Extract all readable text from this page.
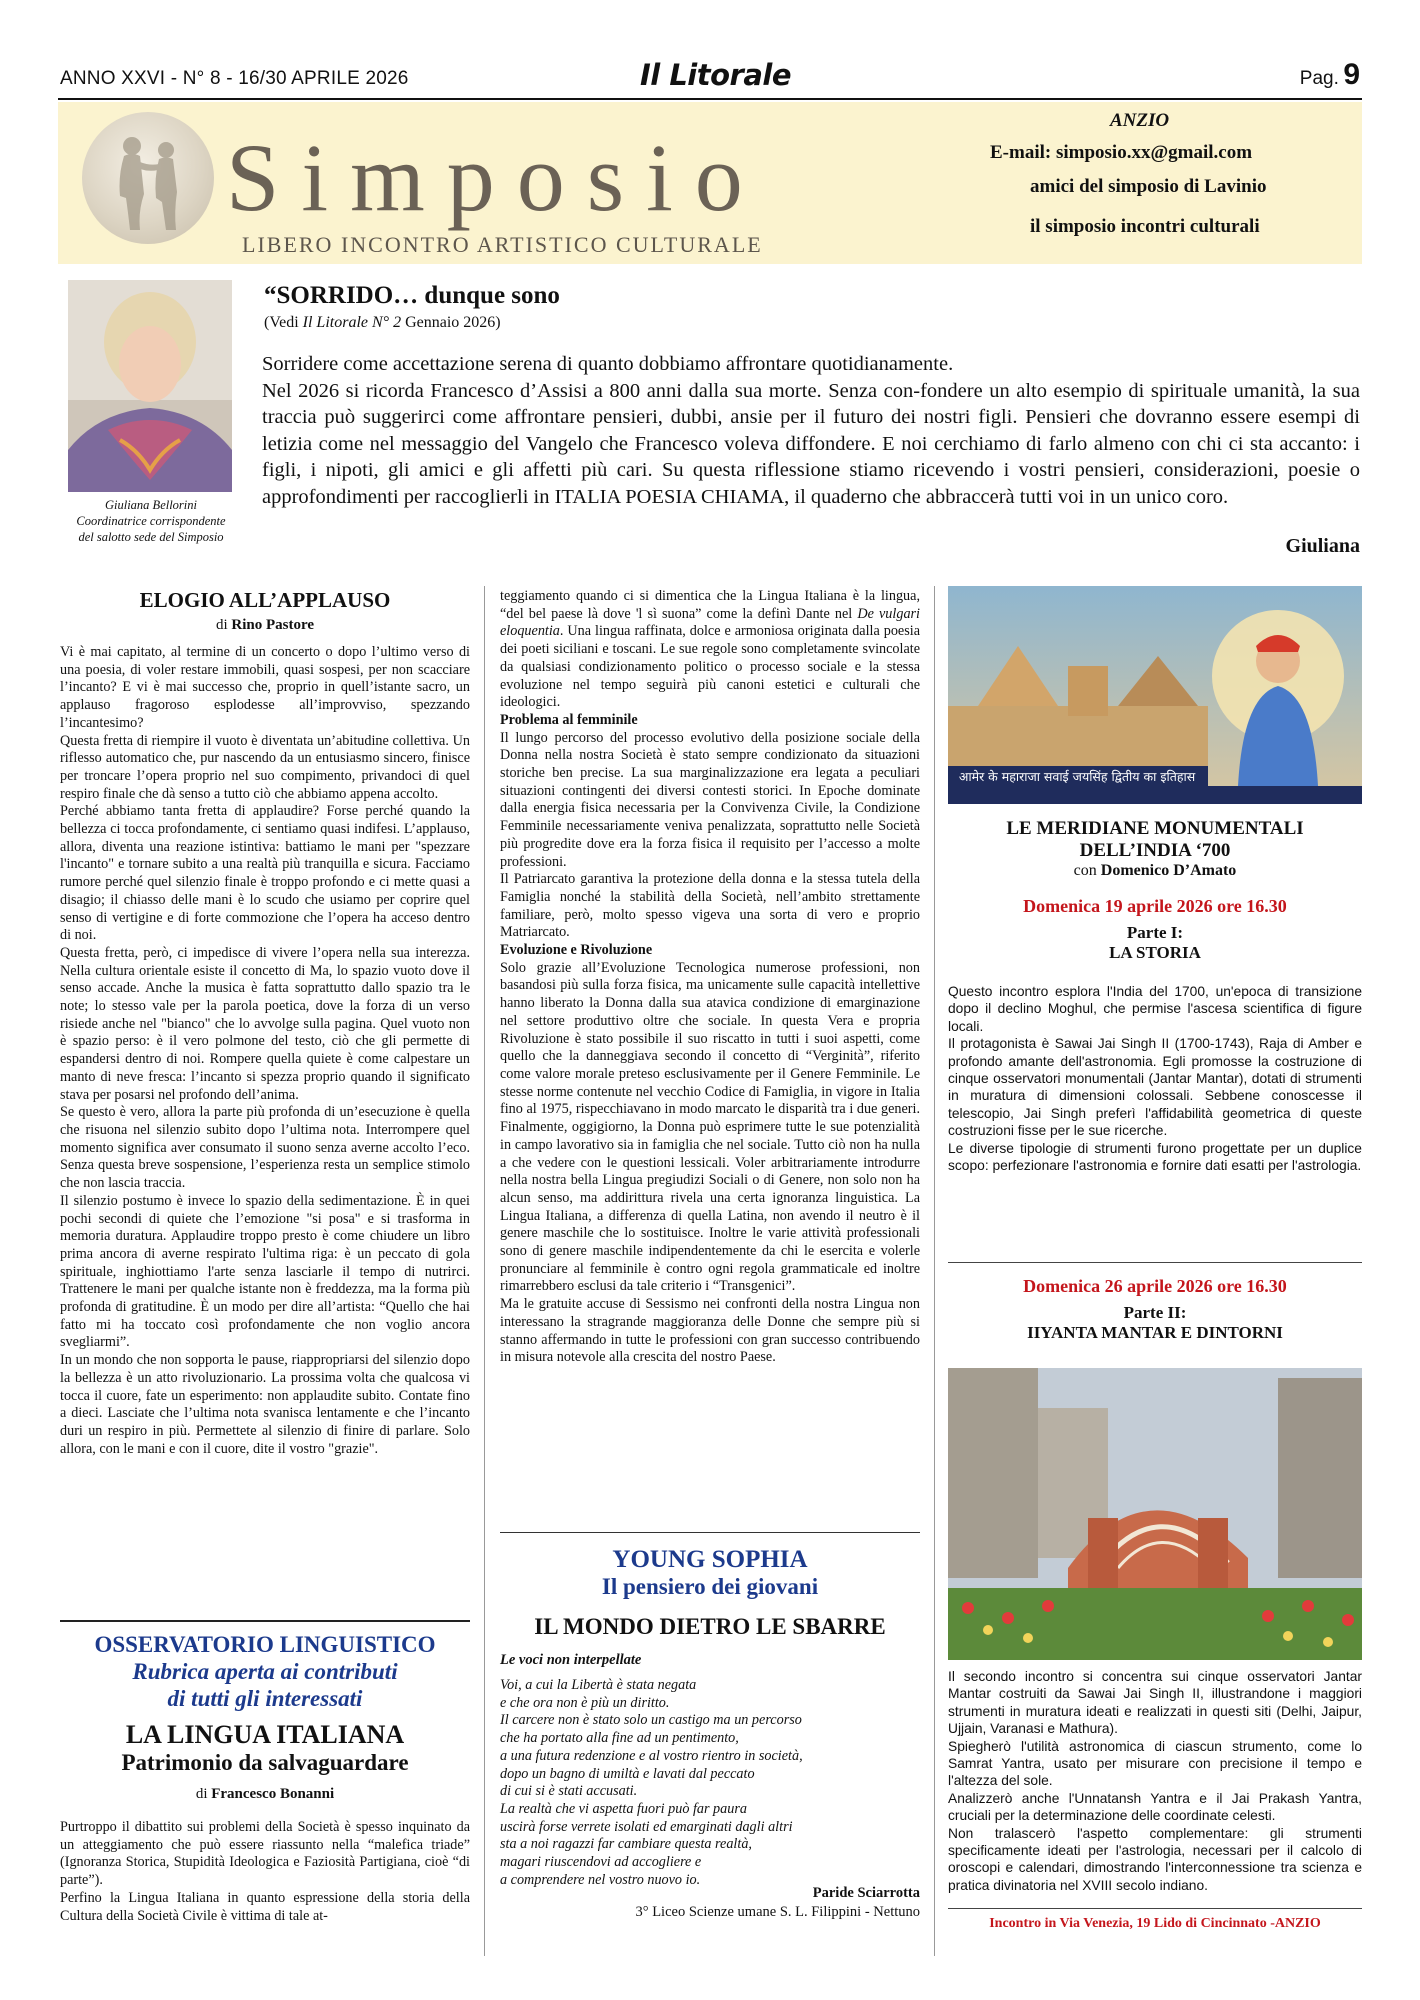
ANNO XXVI - N° 8 - 16/30 APRILE 2026	Il Litorale	Pag. 9
Simposio
LIBERO INCONTRO ARTISTICO CULTURALE
ANZIO
E-mail: simposio.xx@gmail.com
amici del simposio di Lavinio
il simposio incontri culturali
Giuliana Bellorini
Coordinatrice corrispondente
del salotto sede del Simposio
“SORRIDO… dunque sono
(Vedi Il Litorale N° 2 Gennaio 2026)

Sorridere come accettazione serena di quanto dobbiamo affrontare quotidianamente.

Nel 2026 si ricorda Francesco d’Assisi a 800 anni dalla sua morte. Senza con-fondere un alto esempio di spirituale umanità, la sua traccia può suggerirci come affrontare pensieri, dubbi, ansie per il futuro dei nostri figli. Pensieri che dovranno essere esempi di letizia come nel messaggio del Vangelo che Francesco voleva diffondere. E noi cerchiamo di farlo almeno con chi ci sta accanto: i figli, i nipoti, gli amici e gli affetti più cari. Su questa riflessione stiamo ricevendo i vostri pensieri, considerazioni, poesie o approfondimenti per raccoglierli in ITALIA POESIA CHIAMA, il quaderno che abbraccerà tutti voi in un unico coro.

Giuliana
ELOGIO ALL’APPLAUSO
di Rino Pastore

Vi è mai capitato, al termine di un concerto o dopo l’ultimo verso di una poesia, di voler restare immobili, quasi sospesi, per non scacciare l’incanto? E vi è mai successo che, proprio in quell’istante sacro, un applauso fragoroso esplodesse all’improvviso, spezzando l’incantesimo?

Questa fretta di riempire il vuoto è diventata un’abitudine collettiva. Un riflesso automatico che, pur nascendo da un entusiasmo sincero, finisce per troncare l’opera proprio nel suo compimento, privandoci di quel respiro finale che dà senso a tutto ciò che abbiamo appena accolto.

Perché abbiamo tanta fretta di applaudire? Forse perché quando la bellezza ci tocca profondamente, ci sentiamo quasi indifesi. L’applauso, allora, diventa una reazione istintiva: battiamo le mani per "spezzare l'incanto" e tornare subito a una realtà più tranquilla e sicura. Facciamo rumore perché quel silenzio finale è troppo profondo e ci mette quasi a disagio; il chiasso delle mani è lo scudo che usiamo per coprire quel senso di vertigine e di forte commozione che l’opera ha acceso dentro di noi.

Questa fretta, però, ci impedisce di vivere l’opera nella sua interezza. Nella cultura orientale esiste il concetto di Ma, lo spazio vuoto dove il senso accade. Anche la musica è fatta soprattutto dallo spazio tra le note; lo stesso vale per la parola poetica, dove la forza di un verso risiede anche nel "bianco" che lo avvolge sulla pagina. Quel vuoto non è spazio perso: è il vero polmone del testo, ciò che gli permette di espandersi dentro di noi. Rompere quella quiete è come calpestare un manto di neve fresca: l’incanto si spezza proprio quando il significato stava per posarsi nel profondo dell’anima.

Se questo è vero, allora la parte più profonda di un’esecuzione è quella che risuona nel silenzio subito dopo l’ultima nota. Interrompere quel momento significa aver consumato il suono senza averne accolto l’eco. Senza questa breve sospensione, l’esperienza resta un semplice stimolo che non lascia traccia.

Il silenzio postumo è invece lo spazio della sedimentazione. È in quei pochi secondi di quiete che l’emozione "si posa" e si trasforma in memoria duratura. Applaudire troppo presto è come chiudere un libro prima ancora di averne respirato l'ultima riga: è un peccato di gola spirituale, inghiottiamo l'arte senza lasciarle il tempo di nutrirci. Trattenere le mani per qualche istante non è freddezza, ma la forma più profonda di gratitudine. È un modo per dire all’artista: “Quello che hai fatto mi ha toccato così profondamente che non voglio ancora svegliarmi”.

In un mondo che non sopporta le pause, riappropriarsi del silenzio dopo la bellezza è un atto rivoluzionario. La prossima volta che qualcosa vi tocca il cuore, fate un esperimento: non applaudite subito. Contate fino a dieci. Lasciate che l’ultima nota svanisca lentamente e che l’incanto duri un respiro in più. Permettete al silenzio di finire di parlare. Solo allora, con le mani e con il cuore, dite il vostro "grazie".

OSSERVATORIO LINGUISTICO
Rubrica aperta ai contributi
di tutti gli interessati
LA LINGUA ITALIANA
Patrimonio da salvaguardare
di Francesco Bonanni

Purtroppo il dibattito sui problemi della Società è spesso inquinato da un atteggiamento che può essere riassunto nella “malefica triade” (Ignoranza Storica, Stupidità Ideologica e Faziosità Partigiana, cioè “di parte”).

Perfino la Lingua Italiana in quanto espressione della storia della Cultura della Società Civile è vittima di tale at-

teggiamento quando ci si dimentica che la Lingua Italiana è la lingua, “del bel paese là dove 'l sì suona” come la definì Dante nel De vulgari eloquentia. Una lingua raffinata, dolce e armoniosa originata dalla poesia dei poeti siciliani e toscani. Le sue regole sono completamente svincolate da qualsiasi condizionamento politico o processo sociale e la stessa evoluzione nel tempo seguirà più canoni estetici e culturali che ideologici.

Problema al femminile

Il lungo percorso del processo evolutivo della posizione sociale della Donna nella nostra Società è stato sempre condizionato da situazioni storiche ben precise. La sua marginalizzazione era legata a peculiari situazioni contingenti dei diversi contesti storici. In Epoche dominate dalla energia fisica necessaria per la Convivenza Civile, la Condizione Femminile necessariamente veniva penalizzata, soprattutto nelle Società più progredite dove era la forza fisica il requisito per l’accesso a molte professioni.

Il Patriarcato garantiva la protezione della donna e la stessa tutela della Famiglia nonché la stabilità della Società, nell’ambito strettamente familiare, però, molto spesso vigeva una sorta di vero e proprio Matriarcato.

Evoluzione e Rivoluzione

Solo grazie all’Evoluzione Tecnologica numerose professioni, non basandosi più sulla forza fisica, ma unicamente sulle capacità intellettive hanno liberato la Donna dalla sua atavica condizione di emarginazione nel settore produttivo oltre che sociale. In questa Vera e propria Rivoluzione è stato possibile il suo riscatto in tutti i suoi aspetti, come quello che la danneggiava secondo il concetto di “Verginità”, riferito come valore morale preteso esclusivamente per il Genere Femminile. Le stesse norme contenute nel vecchio Codice di Famiglia, in vigore in Italia fino al 1975, rispecchiavano in modo marcato le disparità tra i due generi. Finalmente, oggigiorno, la Donna può esprimere tutte le sue potenzialità in campo lavorativo sia in famiglia che nel sociale. Tutto ciò non ha nulla a che vedere con le questioni lessicali. Voler arbitrariamente introdurre nella nostra bella Lingua pregiudizi Sociali o di Genere, non solo non ha alcun senso, ma addirittura rivela una certa ignoranza linguistica. La Lingua Italiana, a differenza di quella Latina, non avendo il neutro è il genere maschile che lo sostituisce. Inoltre le varie attività professionali sono di genere maschile indipendentemente da chi le esercita e volerle pronunciare al femminile è contro ogni regola grammaticale ed inoltre rimarrebbero esclusi da tale criterio i “Transgenici”.

Ma le gratuite accuse di Sessismo nei confronti della nostra Lingua non interessano la stragrande maggioranza delle Donne che sempre più si stanno affermando in tutte le professioni con gran successo contribuendo in misura notevole alla crescita del nostro Paese.

YOUNG SOPHIA
Il pensiero dei giovani
IL MONDO DIETRO LE SBARRE
Le voci non interpellate
Voi, a cui la Libertà è stata negata
e che ora non è più un diritto.
Il carcere non è stato solo un castigo ma un percorso
che ha portato alla fine ad un pentimento,
a una futura redenzione e al vostro rientro in società,
dopo un bagno di umiltà e lavati dal peccato
di cui si è stati accusati.
La realtà che vi aspetta fuori può far paura
uscirà forse verrete isolati ed emarginati dagli altri
sta a noi ragazzi far cambiare questa realtà,
magari riuscendovi ad accogliere e
a comprendere nel vostro nuovo io.
Paride Sciarrotta
3° Liceo Scienze umane S. L. Filippini - Nettuno
आमेर के महाराजा सवाई जयसिंह द्वितीय का इतिहास
LE MERIDIANE MONUMENTALI
DELL’INDIA ‘700
con Domenico D’Amato
Domenica 19 aprile 2026 ore 16.30
Parte I:
LA STORIA

Questo incontro esplora l'India del 1700, un'epoca di transizione dopo il declino Moghul, che permise l'ascesa scientifica di figure locali.

Il protagonista è Sawai Jai Singh II (1700-1743), Raja di Amber e profondo amante dell'astronomia. Egli promosse la costruzione di cinque osservatori monumentali (Jantar Mantar), dotati di strumenti in muratura di dimensioni colossali. Sebbene conoscesse il telescopio, Jai Singh preferì l'affidabilità geometrica di queste costruzioni fisse per le sue ricerche.

Le diverse tipologie di strumenti furono progettate per un duplice scopo: perfezionare l'astronomia e fornire dati esatti per l'astrologia.

Domenica 26 aprile 2026 ore 16.30
Parte II:
IIYANTA MANTAR E DINTORNI

Il secondo incontro si concentra sui cinque osservatori Jantar Mantar costruiti da Sawai Jai Singh II, illustrandone i maggiori strumenti in muratura ideati e realizzati in questi siti (Delhi, Jaipur, Ujjain, Varanasi e Mathura).

Spiegherò l'utilità astronomica di ciascun strumento, come lo Samrat Yantra, usato per misurare con precisione il tempo e l'altezza del sole.

Analizzerò anche l'Unnatansh Yantra e il Jai Prakash Yantra, cruciali per la determinazione delle coordinate celesti.

Non tralascerò l'aspetto complementare: gli strumenti specificamente ideati per l'astrologia, necessari per il calcolo di oroscopi e calendari, dimostrando l'interconnessione tra scienza e pratica divinatoria nel XVIII secolo indiano.

Incontro in Via Venezia, 19 Lido di Cincinnato -ANZIO
